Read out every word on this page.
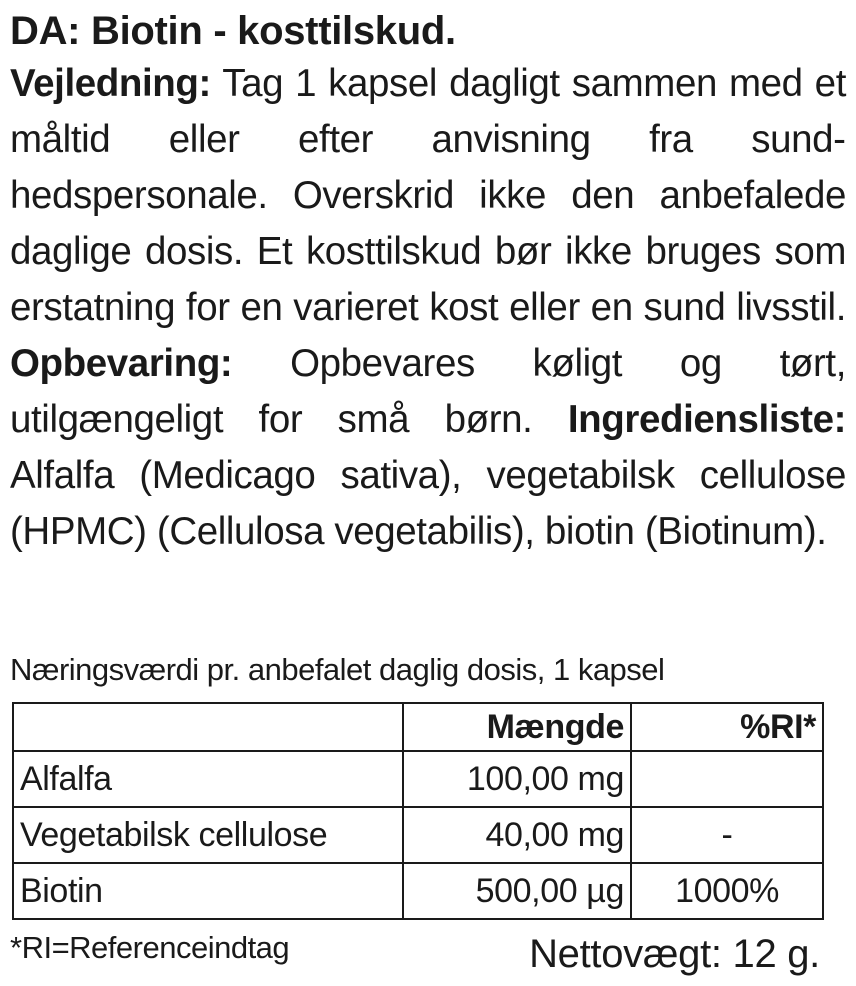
DA: Biotin - kosttilskud.

Vejledning: Tag 1 kapsel dagligt sammen med et måltid eller efter anvisning fra sundhedspersonale. Overskrid ikke den anbefalede daglige dosis. Et kosttilskud bør ikke bruges som erstatning for en varieret kost eller en sund livsstil. Opbevaring: Opbevares køligt og tørt, utilgængeligt for små børn. Ingrediensliste: Alfalfa (Medicago sativa), vegetabilsk cellulose (HPMC) (Cellulosa vegetabilis), biotin (Biotinum).

Næringsværdi pr. anbefalet daglig dosis, 1 kapsel
	Mængde	%RI*
Alfalfa	100,00 mg	
Vegetabilsk cellulose	40,00 mg	-
Biotin	500,00 µg	1000%
*RI=Referenceindtag	Nettovægt: 12 g.
